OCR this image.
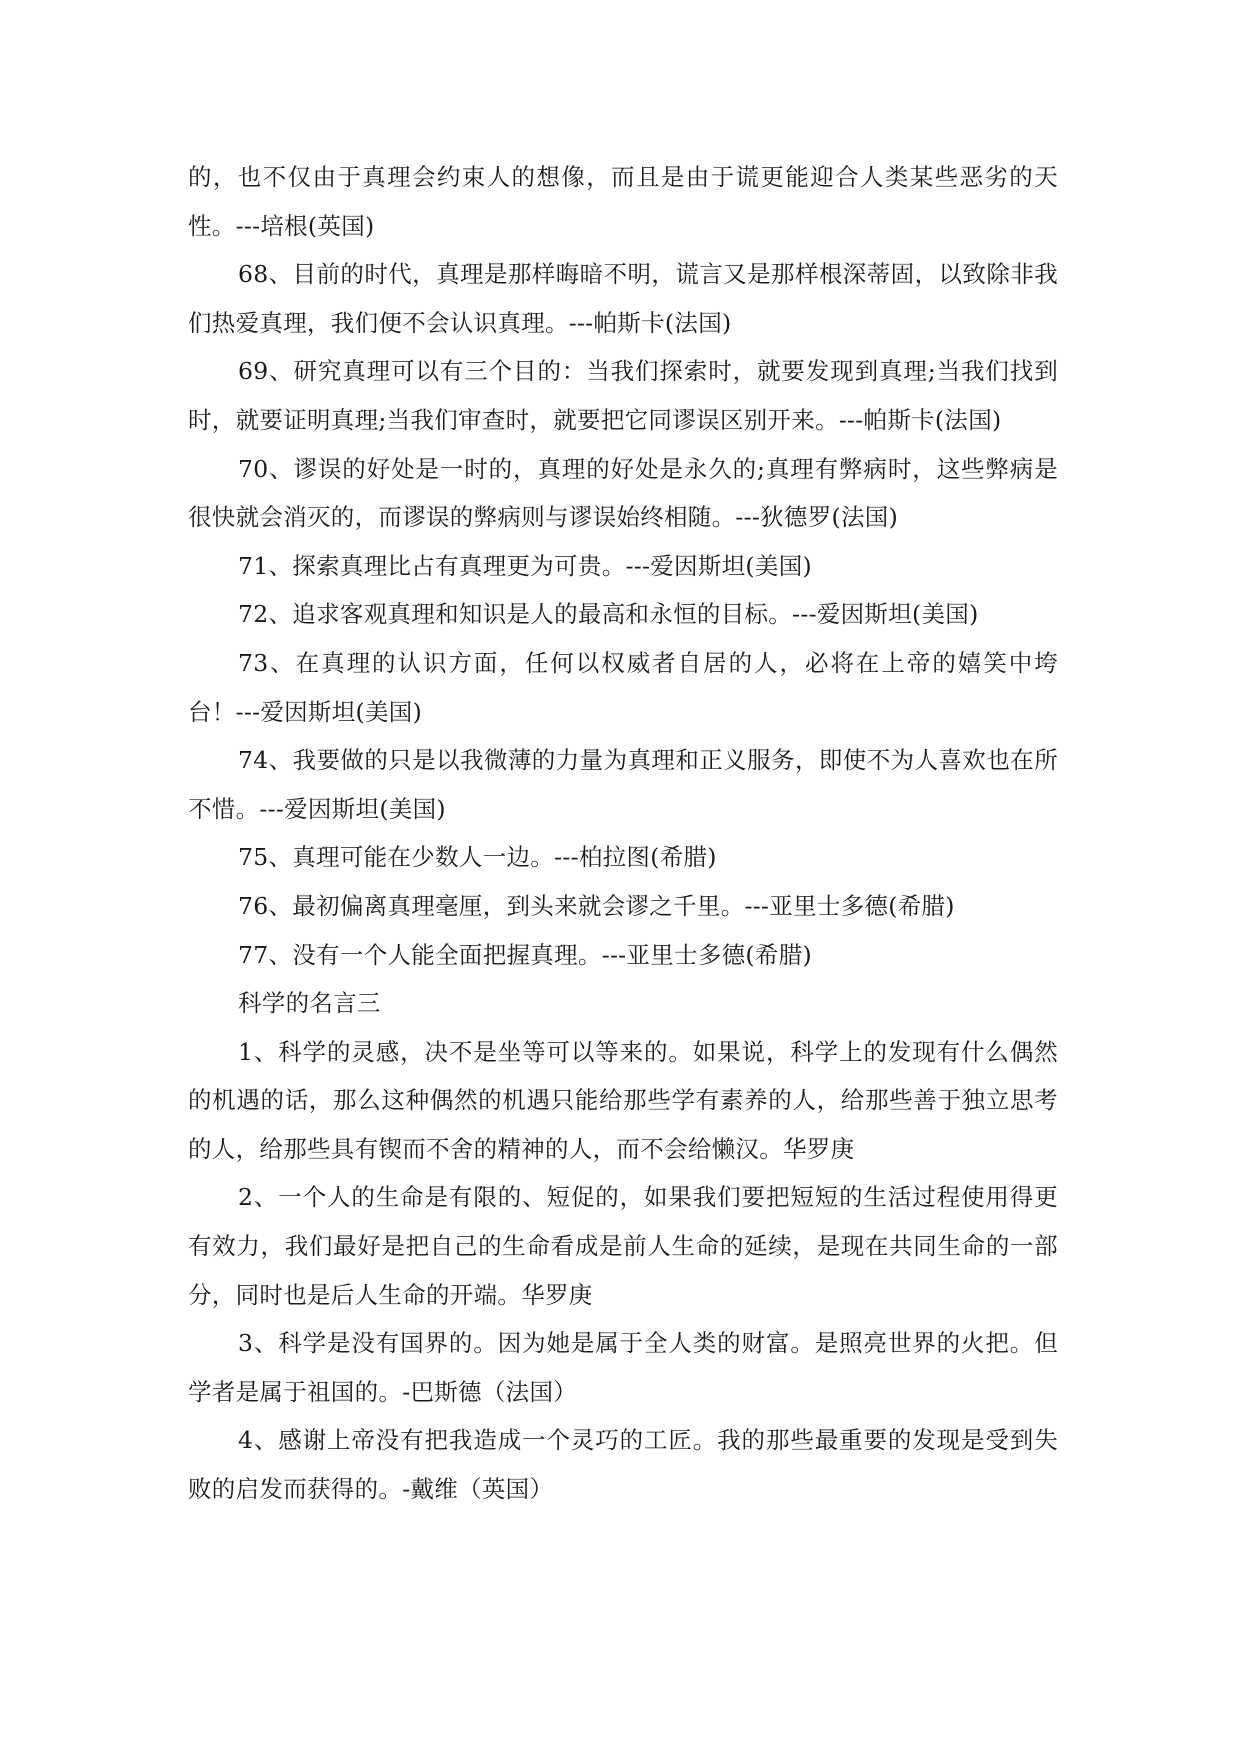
的，也不仅由于真理会约束人的想像，而且是由于谎更能迎合人类某些恶劣的天性。---培根(英国)

68、目前的时代，真理是那样晦暗不明，谎言又是那样根深蒂固，以致除非我们热爱真理，我们便不会认识真理。---帕斯卡(法国)

69、研究真理可以有三个目的：当我们探索时，就要发现到真理;当我们找到时，就要证明真理;当我们审查时，就要把它同谬误区别开来。---帕斯卡(法国)

70、谬误的好处是一时的，真理的好处是永久的;真理有弊病时，这些弊病是很快就会消灭的，而谬误的弊病则与谬误始终相随。---狄德罗(法国)

71、探索真理比占有真理更为可贵。---爱因斯坦(美国)

72、追求客观真理和知识是人的最高和永恒的目标。---爱因斯坦(美国)

73、在真理的认识方面，任何以权威者自居的人，必将在上帝的嬉笑中垮台！---爱因斯坦(美国)

74、我要做的只是以我微薄的力量为真理和正义服务，即使不为人喜欢也在所不惜。---爱因斯坦(美国)

75、真理可能在少数人一边。---柏拉图(希腊)

76、最初偏离真理毫厘，到头来就会谬之千里。---亚里士多德(希腊)

77、没有一个人能全面把握真理。---亚里士多德(希腊)

科学的名言三

1、科学的灵感，决不是坐等可以等来的。如果说，科学上的发现有什么偶然的机遇的话，那么这种偶然的机遇只能给那些学有素养的人，给那些善于独立思考的人，给那些具有锲而不舍的精神的人，而不会给懒汉。华罗庚

2、一个人的生命是有限的、短促的，如果我们要把短短的生活过程使用得更有效力，我们最好是把自己的生命看成是前人生命的延续，是现在共同生命的一部分，同时也是后人生命的开端。华罗庚

3、科学是没有国界的。因为她是属于全人类的财富。是照亮世界的火把。但学者是属于祖国的。-巴斯德（法国）

4、感谢上帝没有把我造成一个灵巧的工匠。我的那些最重要的发现是受到失败的启发而获得的。-戴维（英国）
